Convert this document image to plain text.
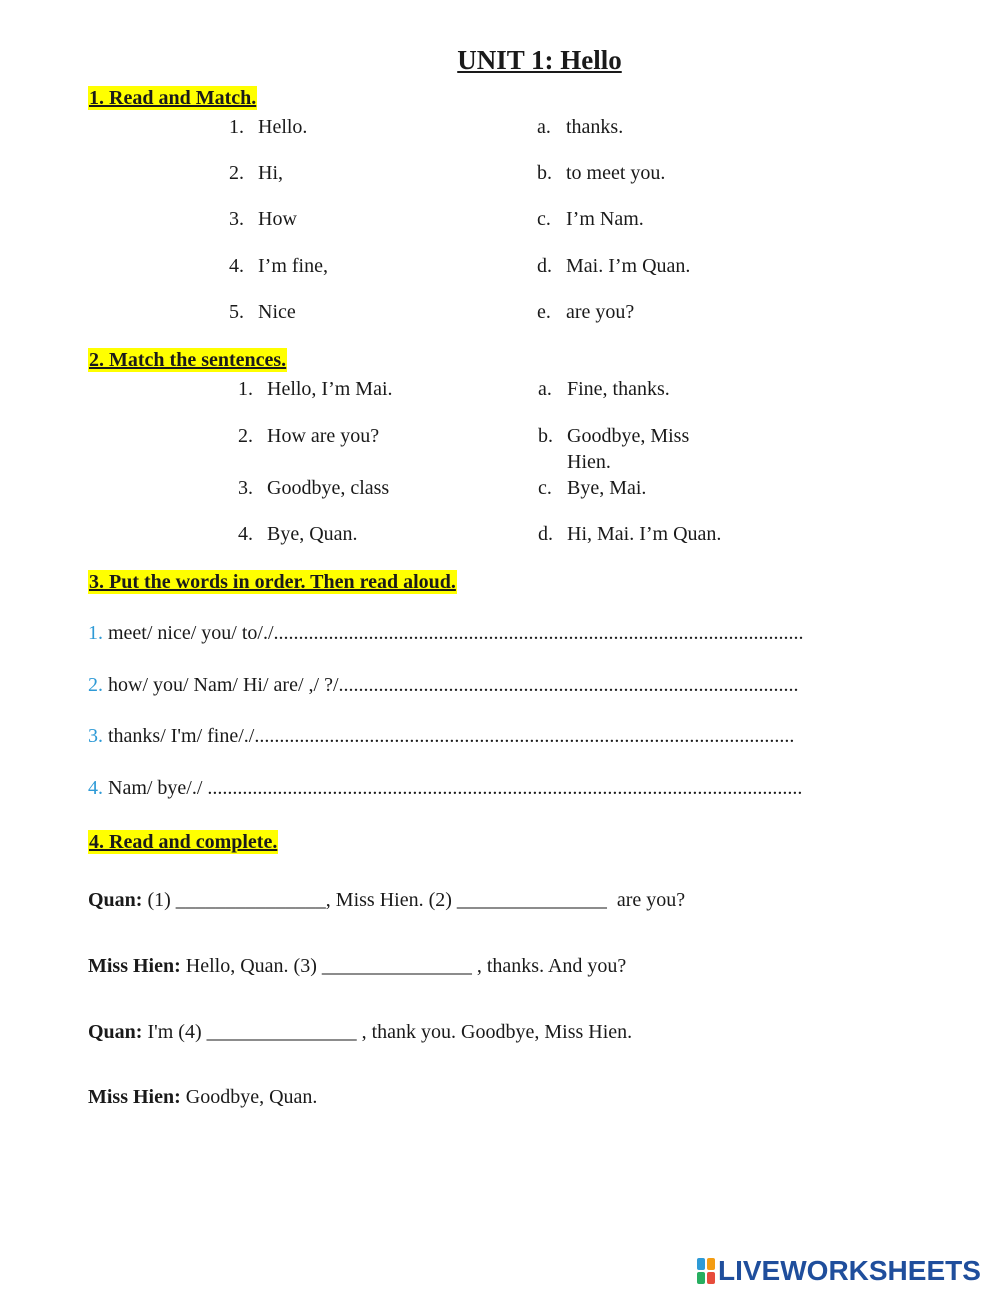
UNIT 1: Hello
1. Read and Match.
1. Hello.
2. Hi,
3. How
4. I’m fine,
5. Nice
a. thanks.
b. to meet you.
c. I’m Nam.
d. Mai. I’m Quan.
e. are you?
2. Match the sentences.
1. Hello, I’m Mai.
2. How are you?
3. Goodbye, class
4. Bye, Quan.
a. Fine, thanks.
b. Goodbye, Miss
Hien.
c. Bye, Mai.
d. Hi, Mai. I’m Quan.
3. Put the words in order. Then read aloud.
1. meet/ nice/ you/ to/./..........................................................................................................
2. how/ you/ Nam/ Hi/ are/ ,/ ?/............................................................................................
3. thanks/ I'm/ fine/./............................................................................................................
4. Nam/ bye/./ .......................................................................................................................
4. Read and complete.
Quan: (1) _______________, Miss Hien. (2) _______________  are you?
Miss Hien: Hello, Quan. (3) _______________ , thanks. And you?
Quan: I'm (4) _______________ , thank you. Goodbye, Miss Hien.
Miss Hien: Goodbye, Quan.
LIVEWORKSHEETS
